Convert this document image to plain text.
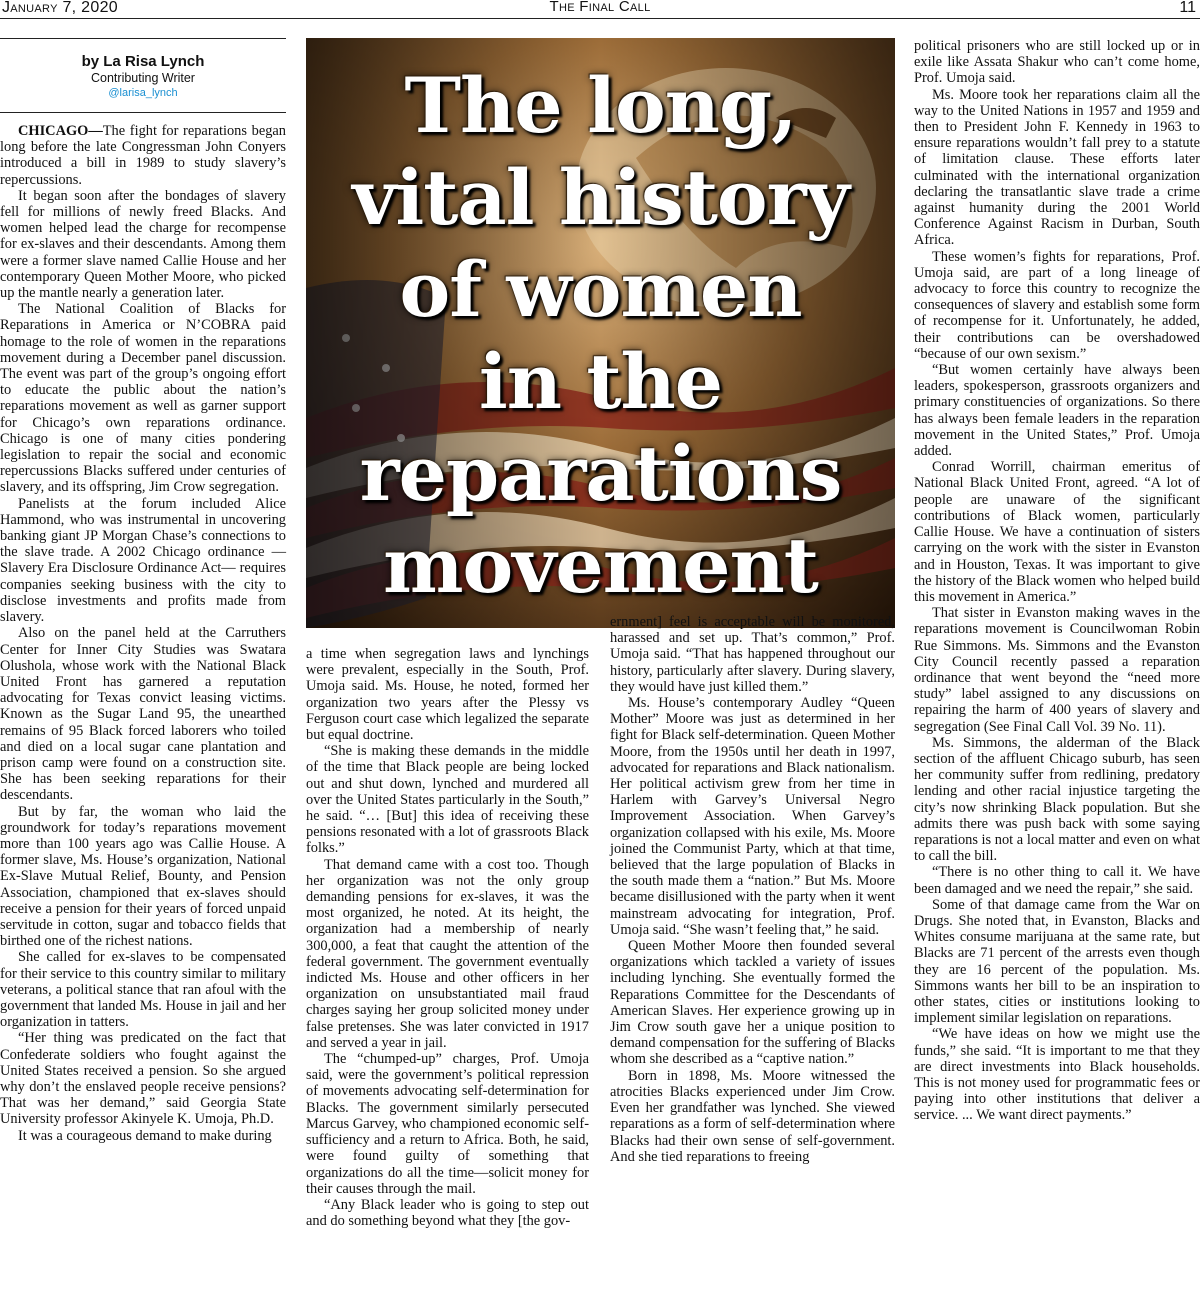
January 7, 2020	The Final Call	11
by La Risa Lynch
Contributing Writer
@larisa_lynch

CHICAGO—The fight for reparations began long before the late Congressman John Conyers introduced a bill in 1989 to study slavery’s repercussions.

It began soon after the bondages of slavery fell for millions of newly freed Blacks. And women helped lead the charge for recompense for ex-slaves and their descendants. Among them were a former slave named Callie House and her contemporary Queen Mother Moore, who picked up the mantle nearly a generation later.

The National Coalition of Blacks for Reparations in America or N’COBRA paid homage to the role of women in the reparations movement during a December panel discussion. The event was part of the group’s ongoing effort to educate the public about the nation’s reparations movement as well as garner support for Chicago’s own reparations ordinance. Chicago is one of many cities pondering legislation to repair the social and economic repercussions Blacks suffered under centuries of slavery, and its offspring, Jim Crow segregation.

Panelists at the forum included Alice Hammond, who was instrumental in uncovering banking giant JP Morgan Chase’s connections to the slave trade. A 2002 Chicago ordinance —Slavery Era Disclosure Ordinance Act— requires companies seeking business with the city to disclose investments and profits made from slavery.

Also on the panel held at the Carruthers Center for Inner City Studies was Swatara Olushola, whose work with the National Black United Front has garnered a reputation advocating for Texas convict leasing victims. Known as the Sugar Land 95, the unearthed remains of 95 Black forced laborers who toiled and died on a local sugar cane plantation and prison camp were found on a construction site. She has been seeking reparations for their descendants.

But by far, the woman who laid the groundwork for today’s reparations movement more than 100 years ago was Callie House. A former slave, Ms. House’s organization, National Ex-Slave Mutual Relief, Bounty, and Pension Association, championed that ex-slaves should receive a pension for their years of forced unpaid servitude in cotton, sugar and tobacco fields that birthed one of the richest nations.

She called for ex-slaves to be compensated for their service to this country similar to military veterans, a political stance that ran afoul with the government that landed Ms. House in jail and her organization in tatters.

“Her thing was predicated on the fact that Confederate soldiers who fought against the United States received a pension. So she argued why don’t the enslaved people receive pensions? That was her demand,” said Georgia State University professor Akinyele K. Umoja, Ph.D.

It was a courageous demand to make during

The long,
vital history
of women
in the
reparations
movement

a time when segregation laws and lynchings were prevalent, especially in the South, Prof. Umoja said. Ms. House, he noted, formed her organization two years after the Plessy vs Ferguson court case which legalized the separate but equal doctrine.

“She is making these demands in the middle of the time that Black people are being locked out and shut down, lynched and murdered all over the United States particularly in the South,” he said. “… [But] this idea of receiving these pensions resonated with a lot of grassroots Black folks.”

That demand came with a cost too. Though her organization was not the only group demanding pensions for ex-slaves, it was the most organized, he noted. At its height, the organization had a membership of nearly 300,000, a feat that caught the attention of the federal government. The government eventually indicted Ms. House and other officers in her organization on unsubstantiated mail fraud charges saying her group solicited money under false pretenses. She was later convicted in 1917 and served a year in jail.

The “chumped-up” charges, Prof. Umoja said, were the government’s political repression of movements advocating self-determination for Blacks. The government similarly persecuted Marcus Garvey, who championed economic self-sufficiency and a return to Africa. Both, he said, were found guilty of something that organizations do all the time—solicit money for their causes through the mail.

“Any Black leader who is going to step out and do something beyond what they [the gov-

ernment] feel is acceptable will be monitored, harassed and set up. That’s common,” Prof. Umoja said. “That has happened throughout our history, particularly after slavery. During slavery, they would have just killed them.”

Ms. House’s contemporary Audley “Queen Mother” Moore was just as determined in her fight for Black self-determination. Queen Mother Moore, from the 1950s until her death in 1997, advocated for reparations and Black nationalism. Her political activism grew from her time in Harlem with Garvey’s Universal Negro Improvement Association. When Garvey’s organization collapsed with his exile, Ms. Moore joined the Communist Party, which at that time, believed that the large population of Blacks in the south made them a “nation.” But Ms. Moore became disillusioned with the party when it went mainstream advocating for integration, Prof. Umoja said. “She wasn’t feeling that,” he said.

Queen Mother Moore then founded several organizations which tackled a variety of issues including lynching. She eventually formed the Reparations Committee for the Descendants of American Slaves. Her experience growing up in Jim Crow south gave her a unique position to demand compensation for the suffering of Blacks whom she described as a “captive nation.”

Born in 1898, Ms. Moore witnessed the atrocities Blacks experienced under Jim Crow. Even her grandfather was lynched. She viewed reparations as a form of self-determination where Blacks had their own sense of self-government. And she tied reparations to freeing

political prisoners who are still locked up or in exile like Assata Shakur who can’t come home, Prof. Umoja said.

Ms. Moore took her reparations claim all the way to the United Nations in 1957 and 1959 and then to President John F. Kennedy in 1963 to ensure reparations wouldn’t fall prey to a statute of limitation clause. These efforts later culminated with the international organization declaring the transatlantic slave trade a crime against humanity during the 2001 World Conference Against Racism in Durban, South Africa.

These women’s fights for reparations, Prof. Umoja said, are part of a long lineage of advocacy to force this country to recognize the consequences of slavery and establish some form of recompense for it. Unfortunately, he added, their contributions can be overshadowed “because of our own sexism.”

“But women certainly have always been leaders, spokesperson, grassroots organizers and primary constituencies of organizations. So there has always been female leaders in the reparation movement in the United States,” Prof. Umoja added.

Conrad Worrill, chairman emeritus of National Black United Front, agreed. “A lot of people are unaware of the significant contributions of Black women, particularly Callie House. We have a continuation of sisters carrying on the work with the sister in Evanston and in Houston, Texas. It was important to give the history of the Black women who helped build this movement in America.”

That sister in Evanston making waves in the reparations movement is Councilwoman Robin Rue Simmons. Ms. Simmons and the Evanston City Council recently passed a reparation ordinance that went beyond the “need more study” label assigned to any discussions on repairing the harm of 400 years of slavery and segregation (See Final Call Vol. 39 No. 11).

Ms. Simmons, the alderman of the Black section of the affluent Chicago suburb, has seen her community suffer from redlining, predatory lending and other racial injustice targeting the city’s now shrinking Black population. But she admits there was push back with some saying reparations is not a local matter and even on what to call the bill.

“There is no other thing to call it. We have been damaged and we need the repair,” she said.

Some of that damage came from the War on Drugs. She noted that, in Evanston, Blacks and Whites consume marijuana at the same rate, but Blacks are 71 percent of the arrests even though they are 16 percent of the population. Ms. Simmons wants her bill to be an inspiration to other states, cities or institutions looking to implement similar legislation on reparations.

“We have ideas on how we might use the funds,” she said. “It is important to me that they are direct investments into Black households. This is not money used for programmatic fees or paying into other institutions that deliver a service. ... We want direct payments.”
